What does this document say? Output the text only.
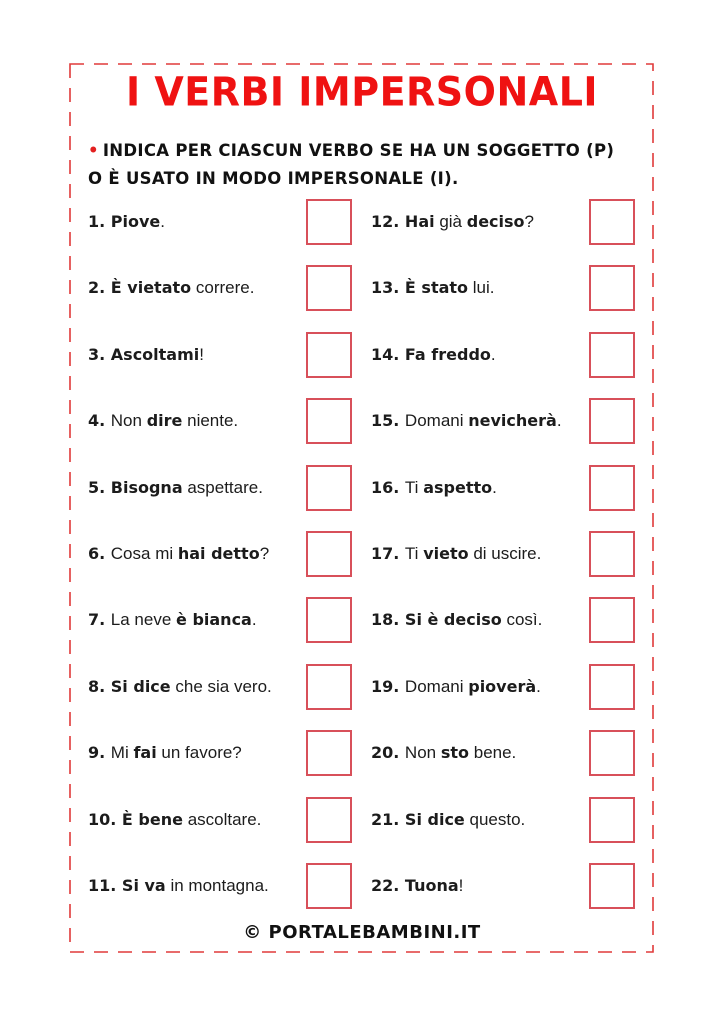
I VERBI IMPERSONALI
• INDICA PER CIASCUN VERBO SE HA UN SOGGETTO (P)
O È USATO IN MODO IMPERSONALE (I).
1. Piove.
2. È vietato correre.
3. Ascoltami!
4. Non dire niente.
5. Bisogna aspettare.
6. Cosa mi hai detto?
7. La neve è bianca.
8. Si dice che sia vero.
9. Mi fai un favore?
10. È bene ascoltare.
11. Si va in montagna.
12. Hai già deciso?
13. È stato lui.
14. Fa freddo.
15. Domani nevicherà.
16. Ti aspetto.
17. Ti vieto di uscire.
18. Si è deciso così.
19. Domani pioverà.
20. Non sto bene.
21. Si dice questo.
22. Tuona!
© PORTALEBAMBINI.IT
